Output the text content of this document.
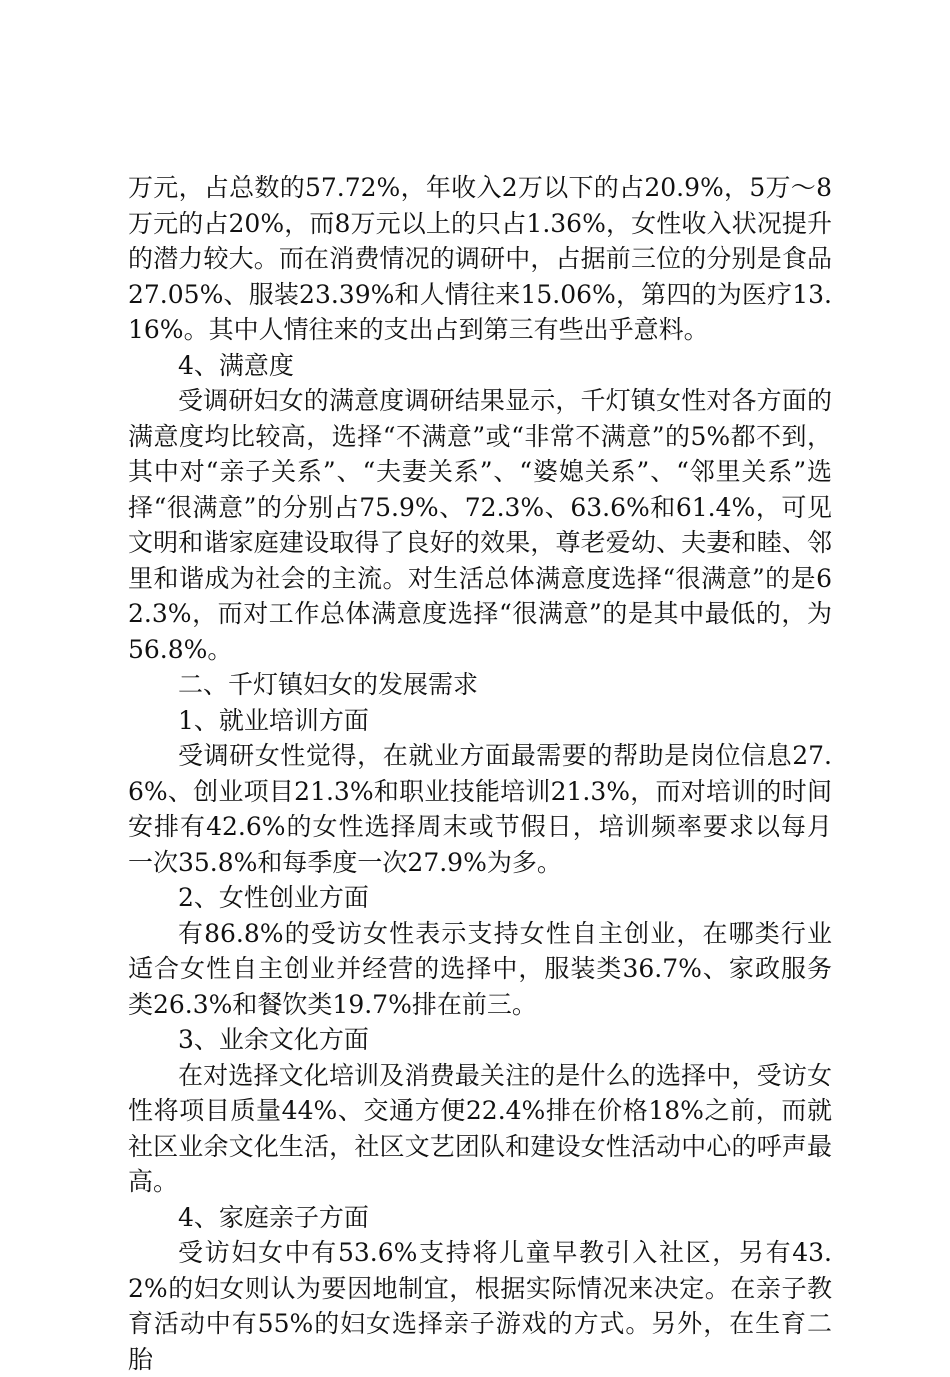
万元，占总数的57.72%，年收入2万以下的占20.9%，5万～8万元的占20%，而8万元以上的只占1.36%，女性收入状况提升的潜力较大。而在消费情况的调研中，占据前三位的分别是食品27.05%、服装23.39%和人情往来15.06%，第四的为医疗13.16%。其中人情往来的支出占到第三有些出乎意料。

4、满意度

受调研妇女的满意度调研结果显示，千灯镇女性对各方面的满意度均比较高，选择“不满意”或“非常不满意”的5%都不到，其中对“亲子关系”、“夫妻关系”、“婆媳关系”、“邻里关系”选择“很满意”的分别占75.9%、72.3%、63.6%和61.4%，可见文明和谐家庭建设取得了良好的效果，尊老爱幼、夫妻和睦、邻里和谐成为社会的主流。对生活总体满意度选择“很满意”的是62.3%，而对工作总体满意度选择“很满意”的是其中最低的，为56.8%。

二、千灯镇妇女的发展需求

1、就业培训方面

受调研女性觉得，在就业方面最需要的帮助是岗位信息27.6%、创业项目21.3%和职业技能培训21.3%，而对培训的时间安排有42.6%的女性选择周末或节假日，培训频率要求以每月一次35.8%和每季度一次27.9%为多。

2、女性创业方面

有86.8%的受访女性表示支持女性自主创业，在哪类行业适合女性自主创业并经营的选择中，服装类36.7%、家政服务类26.3%和餐饮类19.7%排在前三。

3、业余文化方面

在对选择文化培训及消费最关注的是什么的选择中，受访女性将项目质量44%、交通方便22.4%排在价格18%之前，而就社区业余文化生活，社区文艺团队和建设女性活动中心的呼声最高。

4、家庭亲子方面

受访妇女中有53.6%支持将儿童早教引入社区，另有43.2%的妇女则认为要因地制宜，根据实际情况来决定。在亲子教育活动中有55%的妇女选择亲子游戏的方式。另外，在生育二胎
